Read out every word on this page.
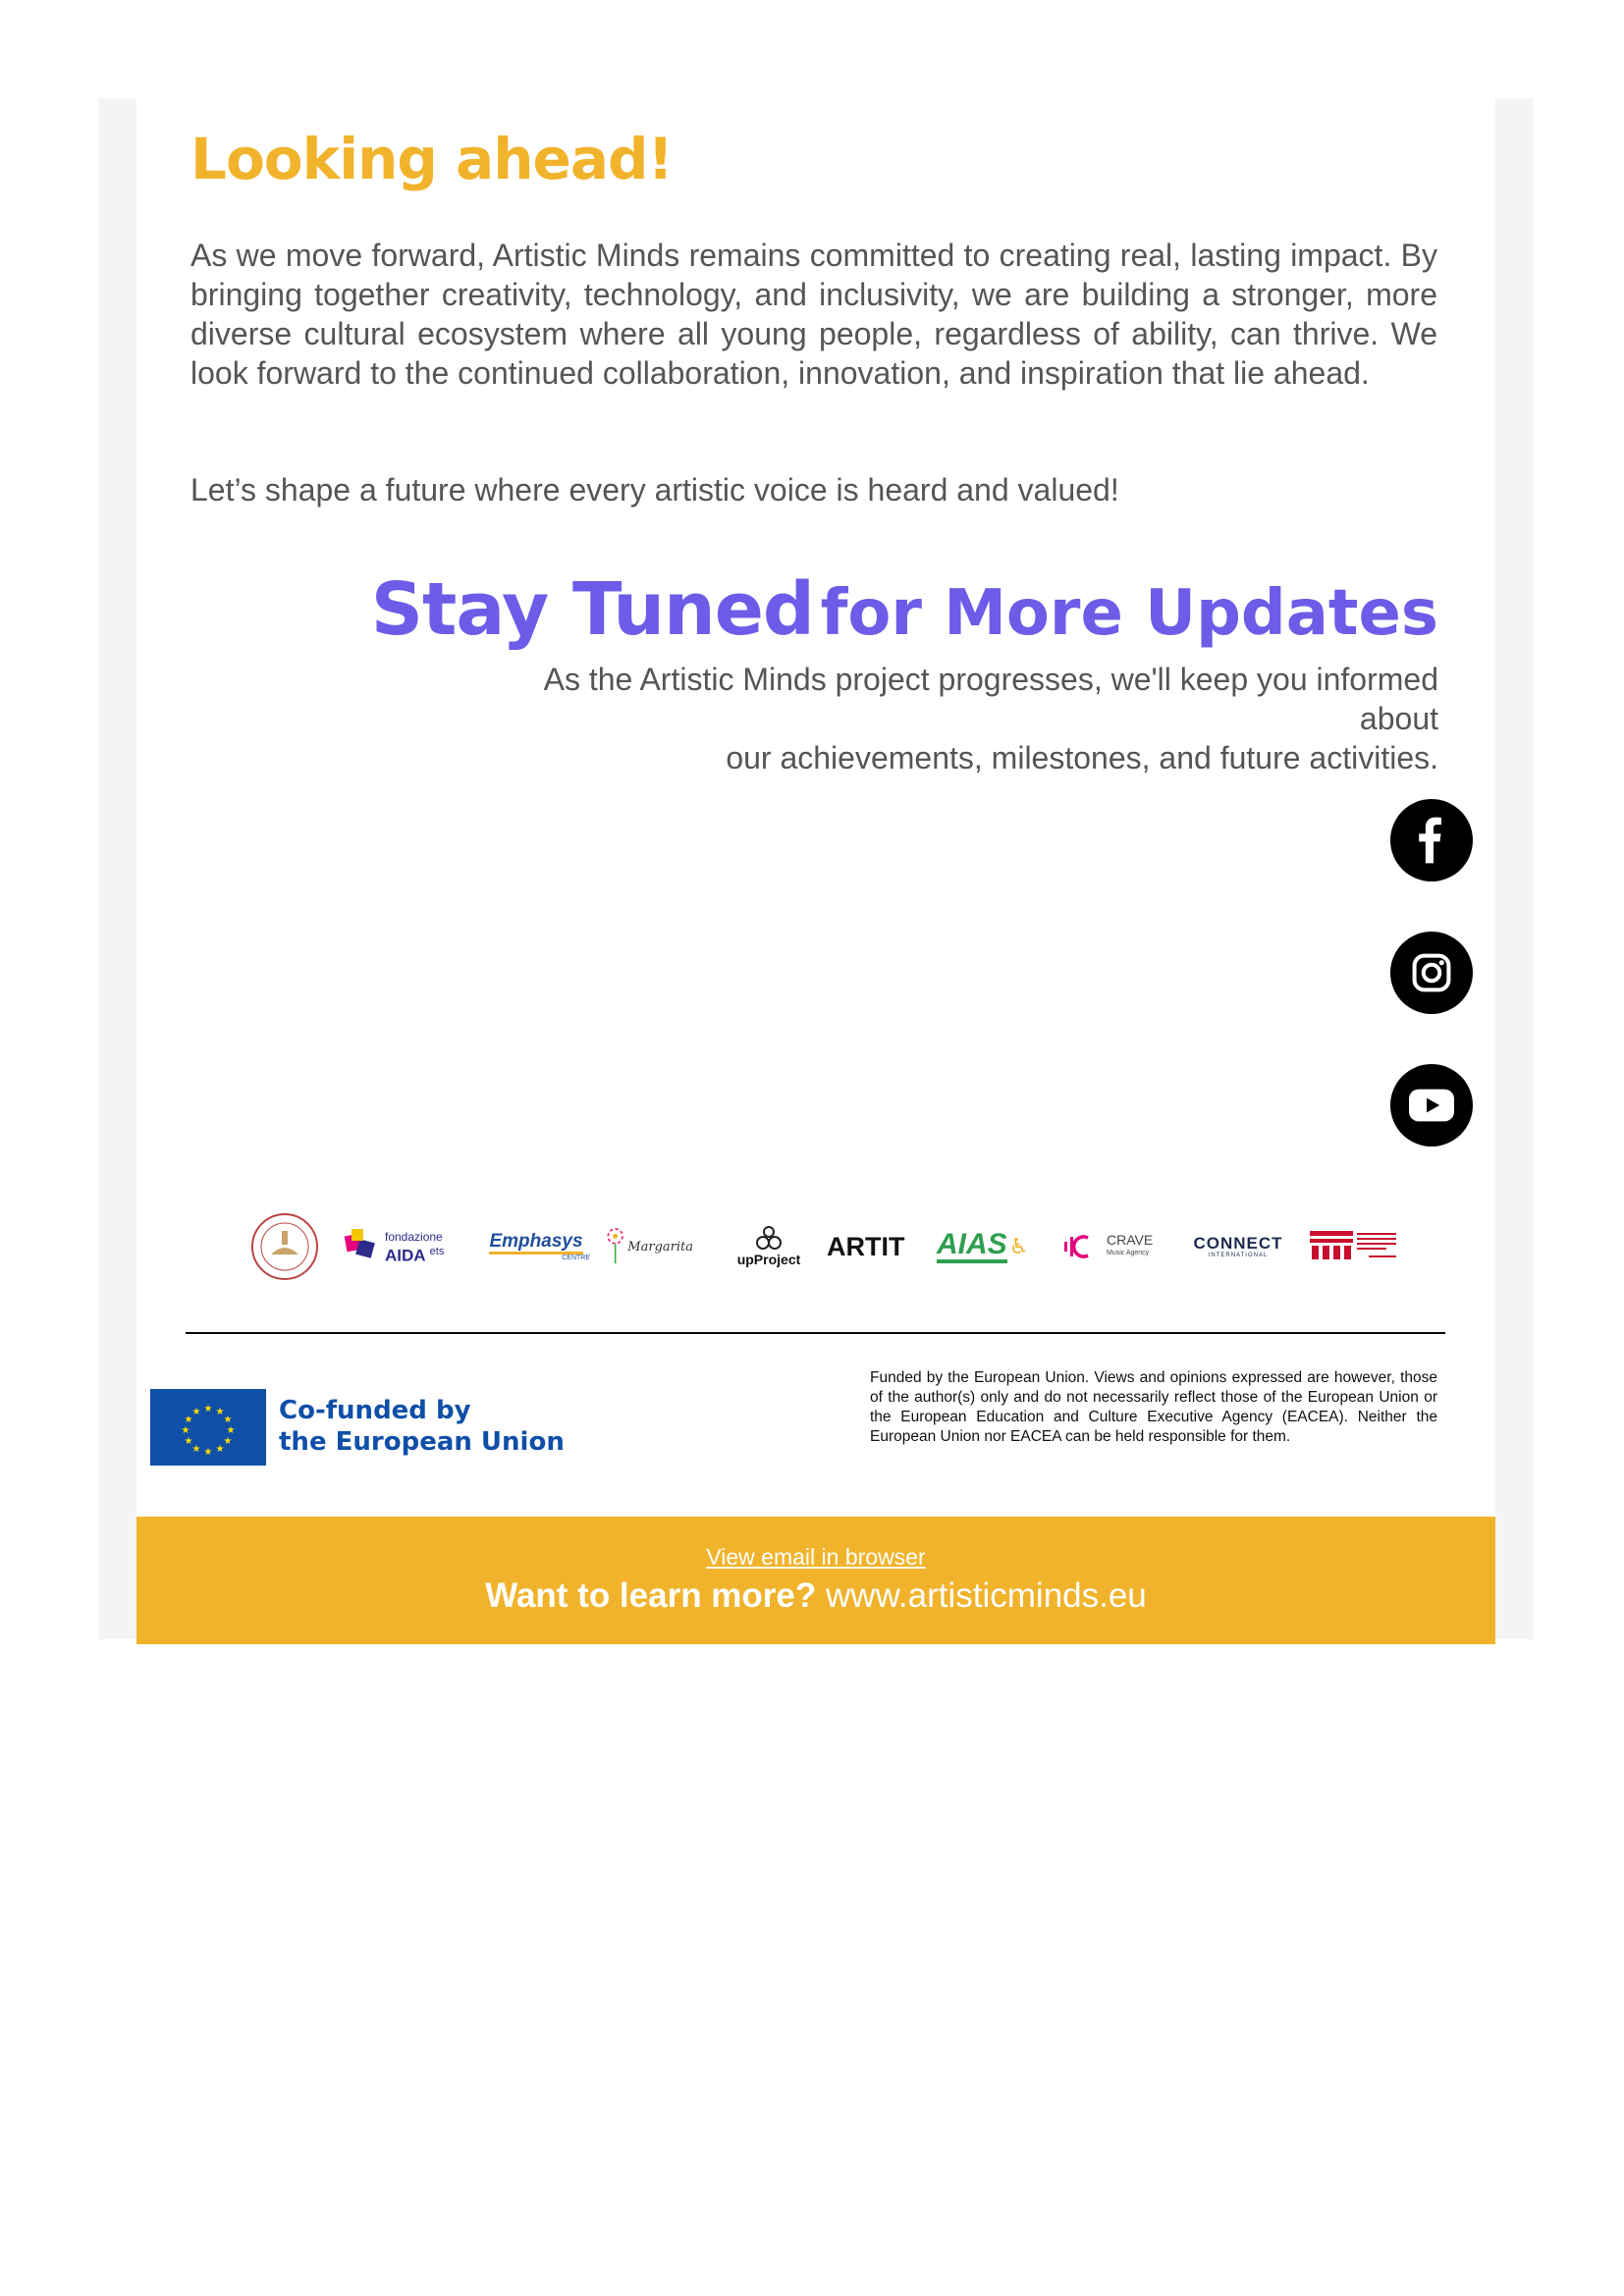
Looking ahead!

As we move forward, Artistic Minds remains committed to creating real, lasting impact. By bringing together creativity, technology, and inclusivity, we are building a stronger, more diverse cultural ecosystem where all young people, regardless of ability, can thrive. We look forward to the continued collaboration, innovation, and inspiration that lie ahead.

Let’s shape a future where every artistic voice is heard and valued!

Stay Tuned for More Updates

As the Artistic Minds project progresses, we'll keep you informed about
our achievements, milestones, and future activities.

fondazione
AIDA $^{ets}$
Emphasys
CENTRE
Margarita
upProject ARTIT AIAS ♿	CRAVE
Music Agency
CONNECT
INTERNATIONAL
★ ★
★
★
★
★
★
★
★
★
★
★	Co-funded by
the European Union

Funded by the European Union. Views and opinions expressed are however, those of the author(s) only and do not necessarily reflect those of the European Union or the European Education and Culture Executive Agency (EACEA). Neither the European Union nor EACEA can be held responsible for them.

View email in browser
Want to learn more? www.artisticminds.eu
